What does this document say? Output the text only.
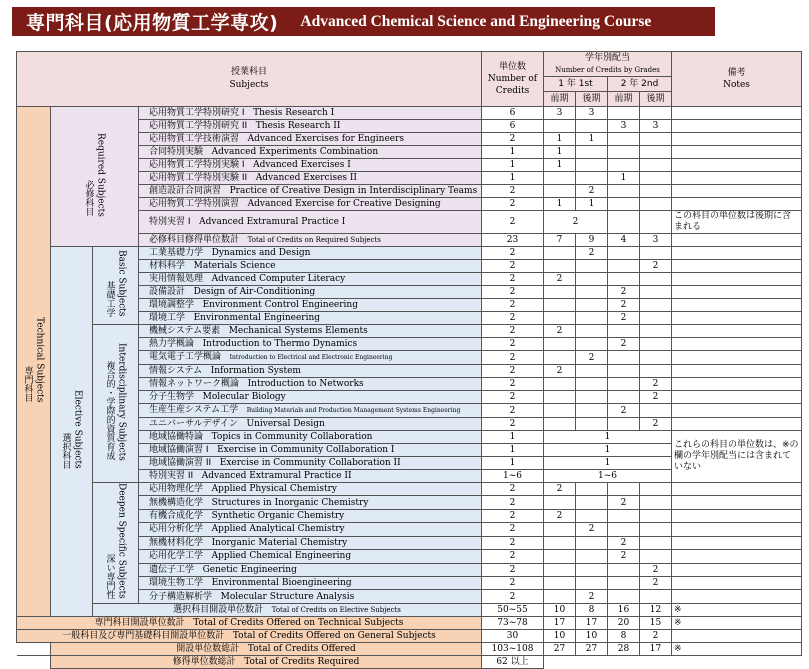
専門科目(応用物質工学専攻) Advanced Chemical Science and Engineering Course
授業科目
Subjects				単位数
Number of
Credits	学年別配当
Number of Credits by Grades				備考
Notes
					1 年 1st		2 年 2nd		
					前期	後期	前期	後期	
専門科目 Technical Subjects	必修科目 Required Subjects		応用物質工学特別研究 I Thesis Research I	6	3	3			
			応用物質工学特別研究 II Thesis Research II	6			3	3	
			応用物質工学技術演習 Advanced Exercises for Engineers	2	1	1			
			合同特別実験 Advanced Experiments Combination	1	1				
			応用物質工学特別実験 I Advanced Exercises I	1	1				
			応用物質工学特別実験 II Advanced Exercises II	1			1		
			創造設計合同演習 Practice of Creative Design in Interdisciplinary Teams	2		2			
			応用物質工学特別演習 Advanced Exercise for Creative Designing	2	1	1			
			特別実習 I Advanced Extramural Practice I	2	2				この科目の単位数は後期に含まれる
			必修科目修得単位数計 Total of Credits on Required Subjects	23	7	9	4	3	
	選択科目 Elective Subjects	基礎工学 Basic Subjects	工業基礎力学 Dynamics and Design	2		2			
			材料科学 Materials Science	2				2	
			実用情報処理 Advanced Computer Literacy	2	2				
			設備設計 Design of Air-Conditioning	2			2		
			環境調整学 Environment Control Engineering	2			2		
			環境工学 Environmental Engineering	2			2		
		複合的・学際的資質育成 Interdisciplinary Subjects	機械システム要素 Mechanical Systems Elements	2	2				
			熱力学概論 Introduction to Thermo Dynamics	2			2		
			電気電子工学概論 Introduction to Electrical and Electronic Engineering	2		2			
			情報システム Information System	2	2				
			情報ネットワーク概論 Introduction to Networks	2				2	
			分子生物学 Molecular Biology	2				2	
			生産生産システム工学 Building Materials and Production Management Systems Engineering	2			2		
			ユニバーサルデザイン Universal Design	2				2	
			地域協働特論 Topics in Community Collaboration	1	1				これらの科目の単位数は、※の欄の学年別配当には含まれていない
			地域協働演習 I Exercise in Community Collaboration I	1	1				
			地域協働演習 II Exercise in Community Collaboration II	1	1				
			特別実習 II Advanced Extramural Practice II	1~6	1~6				
		深い専門性 Deepen Specific Subjects	応用物理化学 Applied Physical Chemistry	2	2				
			無機構造化学 Structures in Inorganic Chemistry	2			2		
			有機合成化学 Synthetic Organic Chemistry	2	2				
			応用分析化学 Applied Analytical Chemistry	2		2			
			無機材料化学 Inorganic Material Chemistry	2			2		
			応用化学工学 Applied Chemical Engineering	2			2		
			遺伝子工学 Genetic Engineering	2				2	
			環境生物工学 Environmental Bioengineering	2				2	
			分子構造解析学 Molecular Structure Analysis	2		2			
		選択科目開設単位数計 Total of Credits on Elective Subjects		50~55	10	8	16	12	※
専門科目開設単位数計 Total of Credits Offered on Technical Subjects				73~78	17	17	20	15	※
一般科目及び専門基礎科目開設単位数計 Total of Credits Offered on General Subjects				30	10	10	8	2	
	開設単位数総計 Total of Credits Offered			103~108	27	27	28	17	※
	修得単位数総計 Total of Credits Required			62 以上					
